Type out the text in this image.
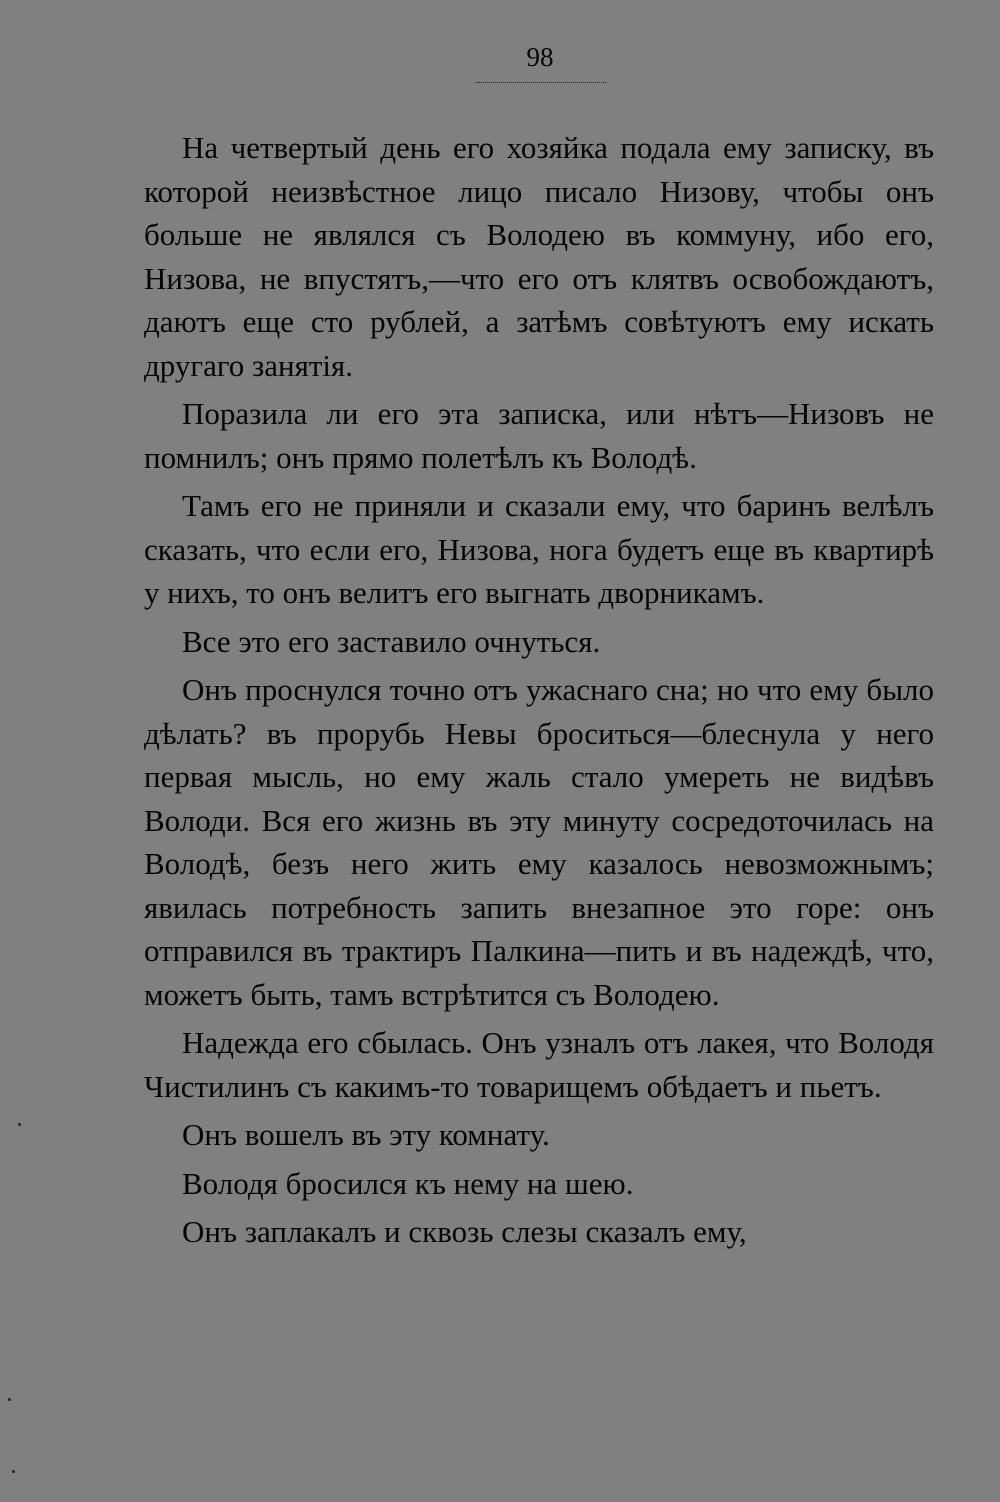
98

На четвертый день его хозяйка подала ему записку, въ которой неизвѣстное лицо писало Низову, чтобы онъ больше не являлся съ Володею въ коммуну, ибо его, Низова, не впустятъ,—что его отъ клятвъ освобождаютъ, даютъ еще сто рублей, а затѣмъ совѣтуютъ ему искать другаго занятія.

Поразила ли его эта записка, или нѣтъ—Низовъ не помнилъ; онъ прямо полетѣлъ къ Володѣ.

Тамъ его не приняли и сказали ему, что баринъ велѣлъ сказать, что если его, Низова, нога будетъ еще въ квартирѣ у нихъ, то онъ велитъ его выгнать дворникамъ.

Все это его заставило очнуться.

Онъ проснулся точно отъ ужаснаго сна; но что ему было дѣлать? въ прорубь Невы броситься—блеснула у него первая мысль, но ему жаль стало умереть не видѣвъ Володи. Вся его жизнь въ эту минуту сосредоточилась на Володѣ, безъ него жить ему казалось невозможнымъ; явилась потребность запить внезапное это горе: онъ отправился въ трактиръ Палкина—пить и въ надеждѣ, что, можетъ быть, тамъ встрѣтится съ Володею.

Надежда его сбылась. Онъ узналъ отъ лакея, что Володя Чистилинъ съ какимъ-то товарищемъ обѣдаетъ и пьетъ.

Онъ вошелъ въ эту комнату.

Володя бросился къ нему на шею.

Онъ заплакалъ и сквозь слезы сказалъ ему,
